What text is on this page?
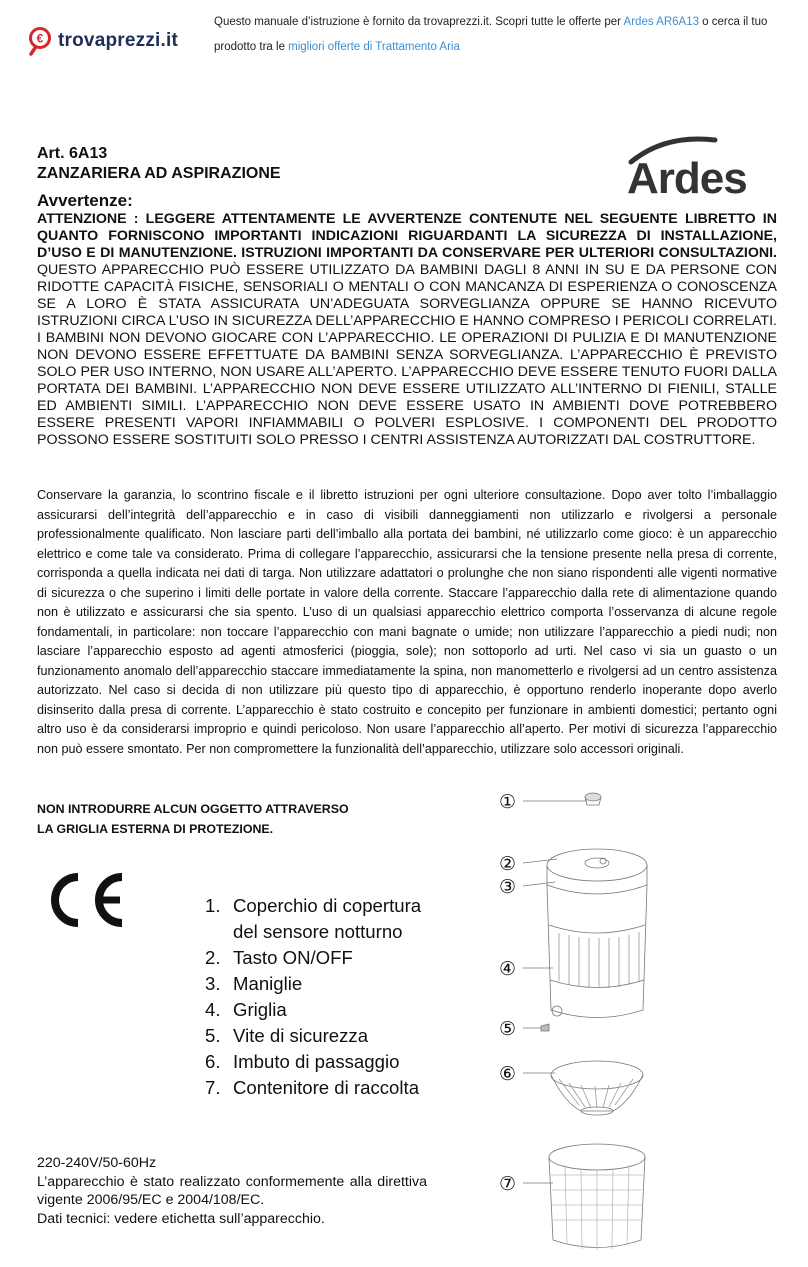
€ trovaprezzi.it
Questo manuale d’istruzione è fornito da trovaprezzi.it. Scopri tutte le offerte per Ardes AR6A13 o cerca il tuo prodotto tra le migliori offerte di Trattamento Aria
Art. 6A13
ZANZARIERA AD ASPIRAZIONE	Ardes
Avvertenze:
ATTENZIONE : LEGGERE ATTENTAMENTE LE AVVERTENZE CONTENUTE NEL SEGUENTE LIBRETTO IN QUANTO FORNISCONO IMPORTANTI INDICAZIONI RIGUARDANTI LA SICUREZZA DI INSTALLAZIONE, D’USO E DI MANUTENZIONE. ISTRUZIONI IMPORTANTI DA CONSERVARE PER ULTERIORI CONSULTAZIONI. QUESTO APPARECCHIO PUÒ ESSERE UTILIZZATO DA BAMBINI DAGLI 8 ANNI IN SU E DA PERSONE CON RIDOTTE CAPACITÀ FISICHE, SENSORIALI O MENTALI O CON MANCANZA DI ESPERIENZA O CONOSCENZA SE A LORO È STATA ASSICURATA UN’ADEGUATA SORVEGLIANZA OPPURE SE HANNO RICEVUTO ISTRUZIONI CIRCA L’USO IN SICUREZZA DELL’APPARECCHIO E HANNO COMPRESO I PERICOLI CORRELATI. I BAMBINI NON DEVONO GIOCARE CON L’APPARECCHIO. LE OPERAZIONI DI PULIZIA E DI MANUTENZIONE NON DEVONO ESSERE EFFETTUATE DA BAMBINI SENZA SORVEGLIANZA. L’APPARECCHIO È PREVISTO SOLO PER USO INTERNO, NON USARE ALL’APERTO. L’APPARECCHIO DEVE ESSERE TENUTO FUORI DALLA PORTATA DEI BAMBINI. L’APPARECCHIO NON DEVE ESSERE UTILIZZATO ALL’INTERNO DI FIENILI, STALLE ED AMBIENTI SIMILI. L’APPARECCHIO NON DEVE ESSERE USATO IN AMBIENTI DOVE POTREBBERO ESSERE PRESENTI VAPORI INFIAMMABILI O POLVERI ESPLOSIVE. I COMPONENTI DEL PRODOTTO POSSONO ESSERE SOSTITUITI SOLO PRESSO I CENTRI ASSISTENZA AUTORIZZATI DAL COSTRUTTORE.
Conservare la garanzia, lo scontrino fiscale e il libretto istruzioni per ogni ulteriore consultazione. Dopo aver tolto l’imballaggio assicurarsi dell’integrità dell’apparecchio e in caso di visibili danneggiamenti non utilizzarlo e rivolgersi a personale professionalmente qualificato. Non lasciare parti dell’imballo alla portata dei bambini, né utilizzarlo come gioco: è un apparecchio elettrico e come tale va considerato. Prima di collegare l’apparecchio, assicurarsi che la tensione presente nella presa di corrente, corrisponda a quella indicata nei dati di targa. Non utilizzare adattatori o prolunghe che non siano rispondenti alle vigenti normative di sicurezza o che superino i limiti delle portate in valore della corrente. Staccare l’apparecchio dalla rete di alimentazione quando non è utilizzato e assicurarsi che sia spento. L’uso di un qualsiasi apparecchio elettrico comporta l’osservanza di alcune regole fondamentali, in particolare: non toccare l’apparecchio con mani bagnate o umide; non utilizzare l’apparecchio a piedi nudi; non lasciare l’apparecchio esposto ad agenti atmosferici (pioggia, sole); non sottoporlo ad urti. Nel caso vi sia un guasto o un funzionamento anomalo dell’apparecchio staccare immediatamente la spina, non manometterlo e rivolgersi ad un centro assistenza autorizzato. Nel caso si decida di non utilizzare più questo tipo di apparecchio, è opportuno renderlo inoperante dopo averlo disinserito dalla presa di corrente. L’apparecchio è stato costruito e concepito per funzionare in ambienti domestici; pertanto ogni altro uso è da considerarsi improprio e quindi pericoloso. Non usare l’apparecchio all’aperto. Per motivi di sicurezza l’apparecchio non può essere smontato. Per non compromettere la funzionalità dell’apparecchio, utilizzare solo accessori originali.
NON INTRODURRE ALCUN OGGETTO ATTRAVERSO
LA GRIGLIA ESTERNA DI PROTEZIONE.
1. Coperchio di copertura
del sensore notturno
2. Tasto ON/OFF
3. Maniglie
4. Griglia
5. Vite di sicurezza
6. Imbuto di passaggio
7. Contenitore di raccolta
220-240V/50-60Hz
L’apparecchio è stato realizzato conformemente alla direttiva vigente 2006/95/EC e 2004/108/EC.
Dati tecnici: vedere etichetta sull’apparecchio.
①
②
③
④
⑤
⑥
⑦
